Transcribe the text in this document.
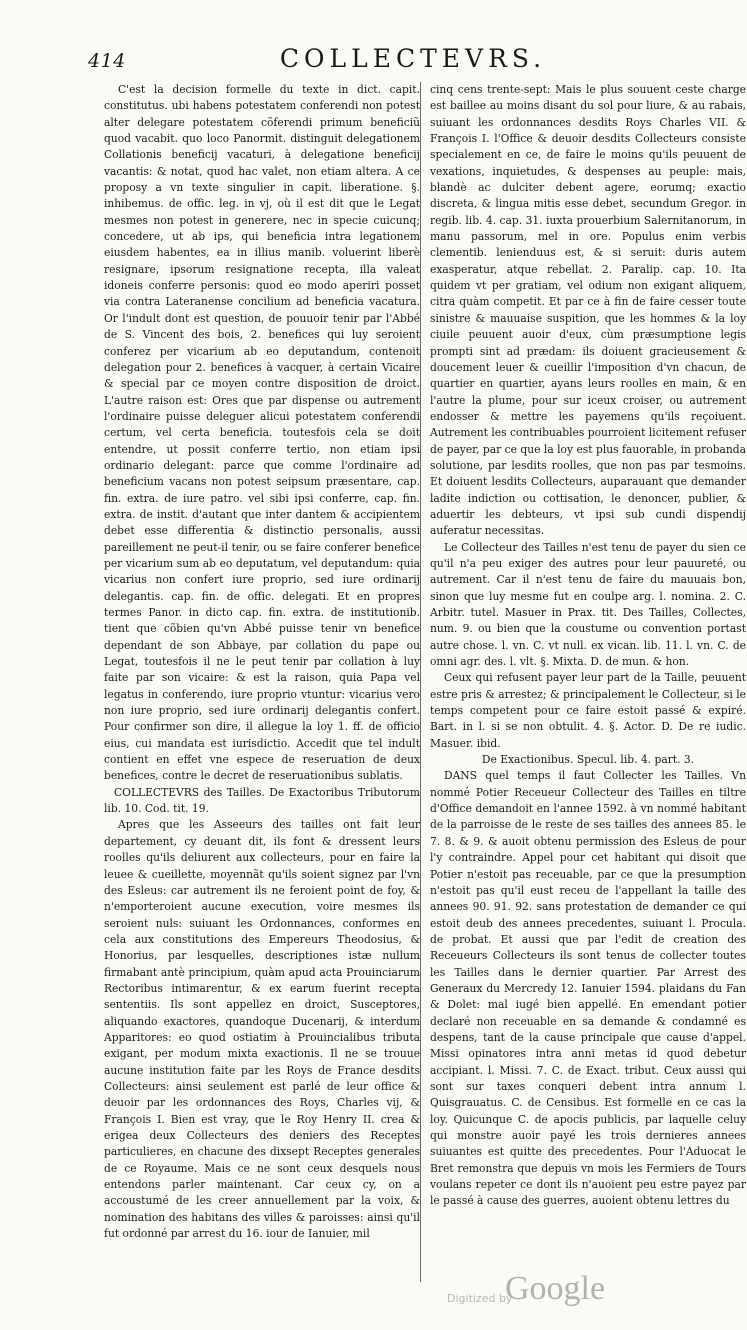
414	COLLECTEVRS.

C'est la decision formelle du texte in dict. capit. constitutus. ubi habens potestatem conferendi non potest alter delegare potestatem cõferendi primum beneficiũ quod vacabit. quo loco Panormit. distinguit delegationem Collationis beneficij vacaturi, à delegatione beneficij vacantis: & notat, quod hac valet, non etiam altera. A ce proposy a vn texte singulier in capit. liberatione. §. inhibemus. de offic. leg. in vj, où il est dit que le Legat mesmes non potest in generere, nec in specie cuicunq; concedere, ut ab ips, qui beneficia intra legationem eiusdem habentes, ea in illius manib. voluerint liberè resignare, ipsorum resignatione recepta, illa valeat idoneis conferre personis: quod eo modo aperiri posset via contra Lateranense concilium ad beneficia vacatura. Or l'indult dont est question, de pouuoir tenir par l'Abbé de S. Vincent des bois, 2. benefices qui luy seroient conferez per vicarium ab eo deputandum, contenoit delegation pour 2. benefices à vacquer, à certain Vicaire & special par ce moyen contre disposition de droict. L'autre raison est: Ores que par dispense ou autrement l'ordinaire puisse deleguer alicui potestatem conferendi certum, vel certa beneficia. toutesfois cela se doit entendre, ut possit conferre tertio, non etiam ipsi ordinario delegant: parce que comme l'ordinaire ad beneficium vacans non potest seipsum præsentare, cap. fin. extra. de iure patro. vel sibi ipsi conferre, cap. fin. extra. de instit. d'autant que inter dantem & accipientem debet esse differentia & distinctio personalis, aussi pareillement ne peut-il tenir, ou se faire conferer benefice per vicarium sum ab eo deputatum, vel deputandum: quia vicarius non confert iure proprio, sed iure ordinarij delegantis. cap. fin. de offic. delegati. Et en propres termes Panor. in dicto cap. fin. extra. de institutionib. tient que cõbien qu'vn Abbé puisse tenir vn benefice dependant de son Abbaye, par collation du pape ou Legat, toutesfois il ne le peut tenir par collation à luy faite par son vicaire: & est la raison, quia Papa vel legatus in conferendo, iure proprio vtuntur: vicarius vero non iure proprio, sed iure ordinarij delegantis confert. Pour confirmer son dire, il allegue la loy 1. ff. de officio eius, cui mandata est iurisdictio. Accedit que tel indult contient en effet vne espece de reseruation de deux benefices, contre le decret de reseruationibus sublatis.

COLLECTEVRS des Tailles. De Exactoribus Tributorum lib. 10. Cod. tit. 19.

Apres que les Asseeurs des tailles ont fait leur departement, cy deuant dit, ils font & dressent leurs roolles qu'ils deliurent aux collecteurs, pour en faire la leuee & cueillette, moyennãt qu'ils soient signez par l'vn des Esleus: car autrement ils ne feroient point de foy, & n'emporteroient aucune execution, voire mesmes ils seroient nuls: suiuant les Ordonnances, conformes en cela aux constitutions des Empereurs Theodosius, & Honorius, par lesquelles, descriptiones istæ nullum firmabant antè principium, quàm apud acta Prouinciarum Rectoribus intimarentur, & ex earum fuerint recepta sententiis. Ils sont appellez en droict, Susceptores, aliquando exactores, quandoque Ducenarij, & interdum Apparitores: eo quod ostiatim à Prouincialibus tributa exigant, per modum mixta exactionis. Il ne se trouue aucune institution faite par les Roys de France desdits Collecteurs: ainsi seulement est parlé de leur office & deuoir par les ordonnances des Roys, Charles vij, & François I. Bien est vray, que le Roy Henry II. crea & erigea deux Collecteurs des deniers des Receptes particulieres, en chacune des dixsept Receptes generales de ce Royaume. Mais ce ne sont ceux desquels nous entendons parler maintenant. Car ceux cy, on a accoustumé de les creer annuellement par la voix, & nomination des habitans des villes & paroisses: ainsi qu'il fut ordonné par arrest du 16. iour de Ianuier, mil

cinq cens trente-sept: Mais le plus souuent ceste charge est baillee au moins disant du sol pour liure, & au rabais, suiuant les ordonnances desdits Roys Charles VII. & François I. l'Office & deuoir desdits Collecteurs consiste specialement en ce, de faire le moins qu'ils peuuent de vexations, inquietudes, & despenses au peuple: mais, blandè ac dulciter debent agere, eorumq; exactio discreta, & lingua mitis esse debet, secundum Gregor. in regib. lib. 4. cap. 31. iuxta prouerbium Salernitanorum, in manu passorum, mel in ore. Populus enim verbis clementib. lenienduus est, & si seruit: duris autem exasperatur, atque rebellat. 2. Paralip. cap. 10. Ita quidem vt per gratiam, vel odium non exigant aliquem, citra quàm competit. Et par ce à fin de faire cesser toute sinistre & mauuaise suspition, que les hommes & la loy ciuile peuuent auoir d'eux, cùm præsumptione legis prompti sint ad prædam: ils doiuent gracieusement & doucement leuer & cueillir l'imposition d'vn chacun, de quartier en quartier, ayans leurs roolles en main, & en l'autre la plume, pour sur iceux croiser, ou autrement endosser & mettre les payemens qu'ils reçoiuent. Autrement les contribuables pourroient licitement refuser de payer, par ce que la loy est plus fauorable, in probanda solutione, par lesdits roolles, que non pas par tesmoins. Et doiuent lesdits Collecteurs, auparauant que demander ladite indiction ou cottisation, le denoncer, publier, & aduertir les debteurs, vt ipsi sub cundi dispendij auferatur necessitas.

Le Collecteur des Tailles n'est tenu de payer du sien ce qu'il n'a peu exiger des autres pour leur pauureté, ou autrement. Car il n'est tenu de faire du mauuais bon, sinon que luy mesme fut en coulpe arg. l. nomina. 2. C. Arbitr. tutel. Masuer in Prax. tit. Des Tailles, Collectes, num. 9. ou bien que la coustume ou convention portast autre chose. l. vn. C. vt null. ex vican. lib. 11. l. vn. C. de omni agr. des. l. vlt. §. Mixta. D. de mun. & hon.

Ceux qui refusent payer leur part de la Taille, peuuent estre pris & arrestez; & principalement le Collecteur, si le temps competent pour ce faire estoit passé & expiré. Bart. in l. si se non obtulit. 4. §. Actor. D. De re iudic. Masuer. ibid.

De Exactionibus. Specul. lib. 4. part. 3.

DANS quel temps il faut Collecter les Tailles. Vn nommé Potier Receueur Collecteur des Tailles en tiltre d'Office demandoit en l'annee 1592. à vn nommé habitant de la parroisse de le reste de ses tailles des annees 85. le 7. 8. & 9. & auoit obtenu permission des Esleus de pour l'y contraindre. Appel pour cet habitant qui disoit que Potier n'estoit pas receuable, par ce que la presumption n'estoit pas qu'il eust receu de l'appellant la taille des annees 90. 91. 92. sans protestation de demander ce qui estoit deub des annees precedentes, suiuant l. Procula. de probat. Et aussi que par l'edit de creation des Receueurs Collecteurs ils sont tenus de collecter toutes les Tailles dans le dernier quartier. Par Arrest des Generaux du Mercredy 12. Ianuier 1594. plaidans du Fan & Dolet: mal iugé bien appellé. En emendant potier declaré non receuable en sa demande & condamné es despens, tant de la cause principale que cause d'appel. Missi opinatores intra anni metas id quod debetur accipiant. l. Missi. 7. C. de Exact. tribut. Ceux aussi qui sont sur taxes conqueri debent intra annum l. Quisgrauatus. C. de Censibus. Est formelle en ce cas la loy. Quicunque C. de apocis publicis, par laquelle celuy qui monstre auoir payé les trois dernieres annees suiuantes est quitte des precedentes. Pour l'Aduocat le Bret remonstra que depuis vn mois les Fermiers de Tours voulans repeter ce dont ils n'auoient peu estre payez par le passé à cause des guerres, auoient obtenu lettres du

Digitized by
Google
